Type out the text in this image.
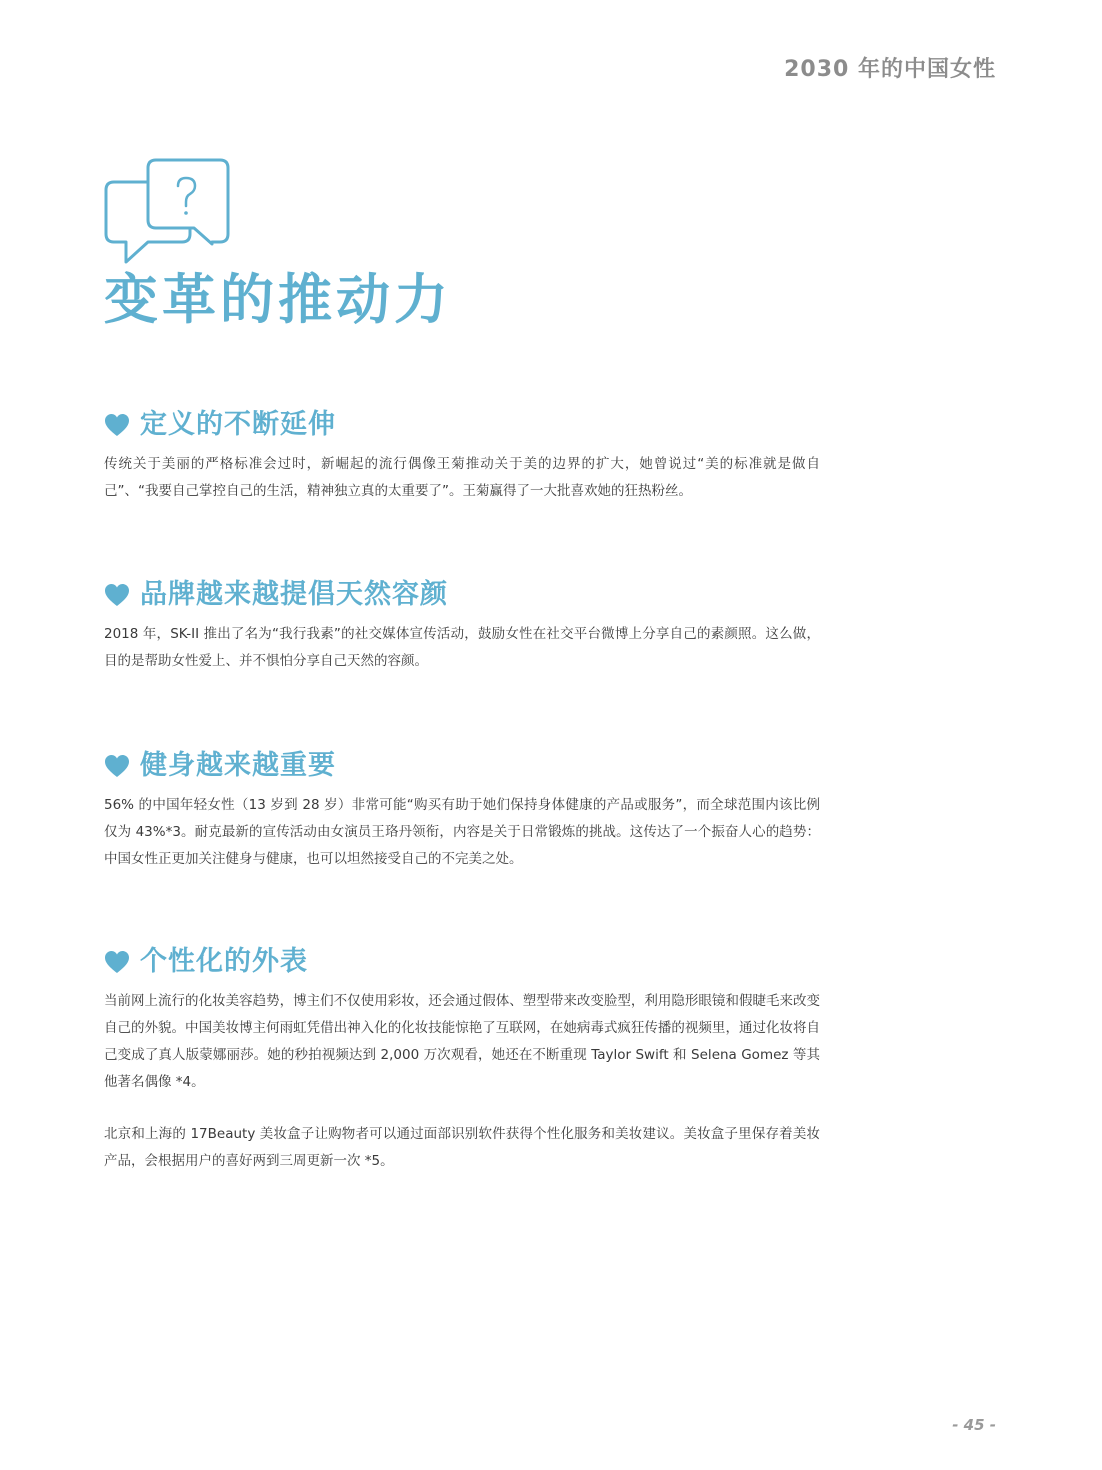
2030 年的中国女性
变革的推动力
定义的不断延伸

传统关于美丽的严格标准会过时，新崛起的流行偶像王菊推动关于美的边界的扩大，她曾说过“美的标准就是做自己”、“我要自己掌控自己的生活，精神独立真的太重要了”。王菊赢得了一大批喜欢她的狂热粉丝。

品牌越来越提倡天然容颜

2018 年，SK-II 推出了名为“我行我素”的社交媒体宣传活动，鼓励女性在社交平台微博上分享自己的素颜照。这么做，目的是帮助女性爱上、并不惧怕分享自己天然的容颜。

健身越来越重要

56% 的中国年轻女性（13 岁到 28 岁）非常可能“购买有助于她们保持身体健康的产品或服务”，而全球范围内该比例仅为 43%*3。耐克最新的宣传活动由女演员王珞丹领衔，内容是关于日常锻炼的挑战。这传达了一个振奋人心的趋势：中国女性正更加关注健身与健康，也可以坦然接受自己的不完美之处。

个性化的外表

当前网上流行的化妆美容趋势，博主们不仅使用彩妆，还会通过假体、塑型带来改变脸型，利用隐形眼镜和假睫毛来改变自己的外貌。中国美妆博主何雨虹凭借出神入化的化妆技能惊艳了互联网，在她病毒式疯狂传播的视频里，通过化妆将自己变成了真人版蒙娜丽莎。她的秒拍视频达到 2,000 万次观看，她还在不断重现 Taylor Swift 和 Selena Gomez 等其他著名偶像 *4。

北京和上海的 17Beauty 美妆盒子让购物者可以通过面部识别软件获得个性化服务和美妆建议。美妆盒子里保存着美妆产品，会根据用户的喜好两到三周更新一次 *5。

- 45 -
